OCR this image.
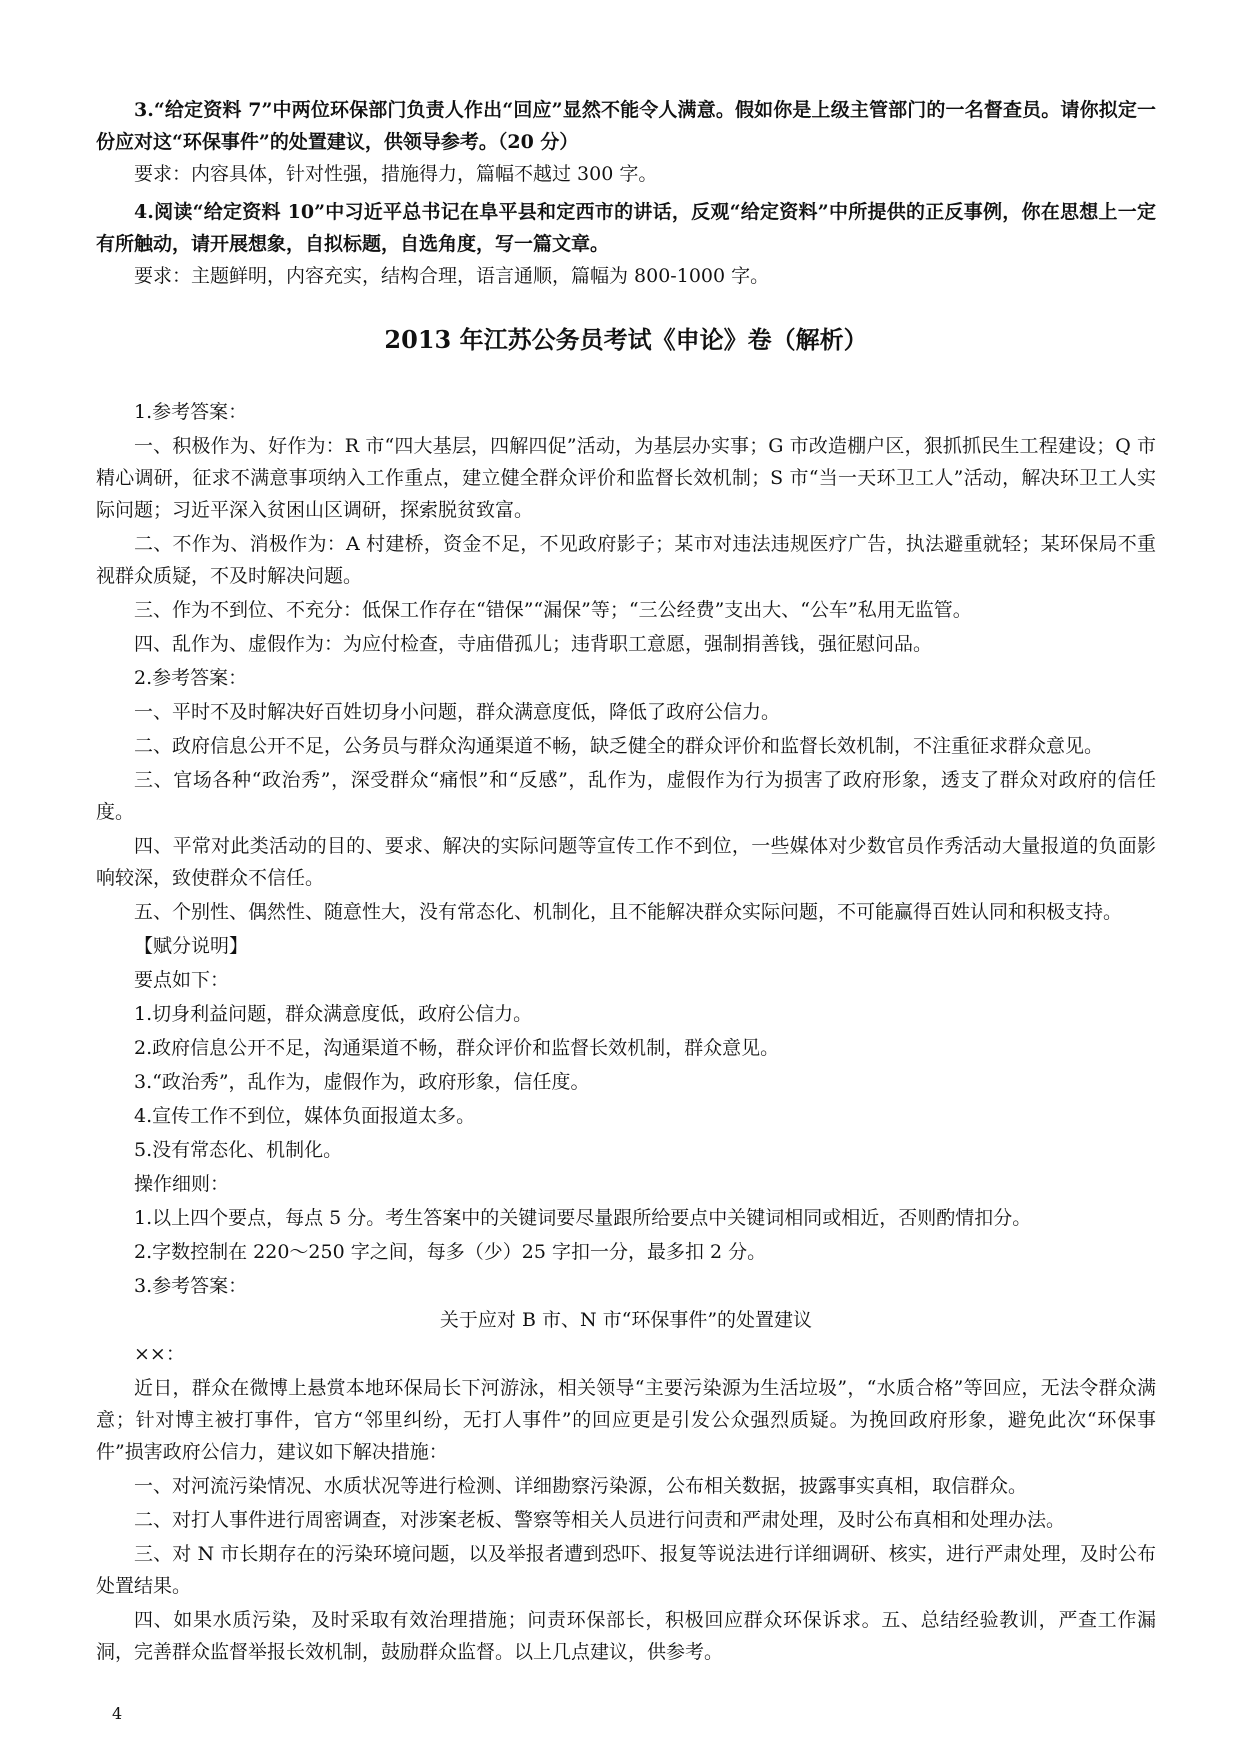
3.“给定资料 7”中两位环保部门负责人作出“回应”显然不能令人满意。假如你是上级主管部门的一名督查员。请你拟定一份应对这“环保事件”的处置建议，供领导参考。（20 分）

要求：内容具体，针对性强，措施得力，篇幅不越过 300 字。

4.阅读“给定资料 10”中习近平总书记在阜平县和定西市的讲话，反观“给定资料”中所提供的正反事例，你在思想上一定有所触动，请开展想象，自拟标题，自选角度，写一篇文章。

要求：主题鲜明，内容充实，结构合理，语言通顺，篇幅为 800-1000 字。

2013 年江苏公务员考试《申论》卷（解析）

1.参考答案：

一、积极作为、好作为：R 市“四大基层，四解四促”活动，为基层办实事；G 市改造棚户区，狠抓抓民生工程建设；Q 市精心调研，征求不满意事项纳入工作重点，建立健全群众评价和监督长效机制；S 市“当一天环卫工人”活动，解决环卫工人实际问题；习近平深入贫困山区调研，探索脱贫致富。

二、不作为、消极作为：A 村建桥，资金不足，不见政府影子；某市对违法违规医疗广告，执法避重就轻；某环保局不重视群众质疑，不及时解决问题。

三、作为不到位、不充分：低保工作存在“错保”“漏保”等；“三公经费”支出大、“公车”私用无监管。

四、乱作为、虚假作为：为应付检查，寺庙借孤儿；违背职工意愿，强制捐善钱，强征慰问品。

2.参考答案：

一、平时不及时解决好百姓切身小问题，群众满意度低，降低了政府公信力。

二、政府信息公开不足，公务员与群众沟通渠道不畅，缺乏健全的群众评价和监督长效机制，不注重征求群众意见。

三、官场各种“政治秀”，深受群众“痛恨”和“反感”，乱作为，虚假作为行为损害了政府形象，透支了群众对政府的信任度。

四、平常对此类活动的目的、要求、解决的实际问题等宣传工作不到位，一些媒体对少数官员作秀活动大量报道的负面影响较深，致使群众不信任。

五、个别性、偶然性、随意性大，没有常态化、机制化，且不能解决群众实际问题，不可能赢得百姓认同和积极支持。

【赋分说明】

要点如下：

1.切身利益问题，群众满意度低，政府公信力。

2.政府信息公开不足，沟通渠道不畅，群众评价和监督长效机制，群众意见。

3.“政治秀”，乱作为，虚假作为，政府形象，信任度。

4.宣传工作不到位，媒体负面报道太多。

5.没有常态化、机制化。

操作细则：

1.以上四个要点，每点 5 分。考生答案中的关键词要尽量跟所给要点中关键词相同或相近，否则酌情扣分。

2.字数控制在 220～250 字之间，每多（少）25 字扣一分，最多扣 2 分。

3.参考答案：

关于应对 B 市、N 市“环保事件”的处置建议

××：

近日，群众在微博上悬赏本地环保局长下河游泳，相关领导“主要污染源为生活垃圾”，“水质合格”等回应，无法令群众满意；针对博主被打事件，官方“邻里纠纷，无打人事件”的回应更是引发公众强烈质疑。为挽回政府形象，避免此次“环保事件”损害政府公信力，建议如下解决措施：

一、对河流污染情况、水质状况等进行检测、详细勘察污染源，公布相关数据，披露事实真相，取信群众。

二、对打人事件进行周密调查，对涉案老板、警察等相关人员进行问责和严肃处理，及时公布真相和处理办法。

三、对 N 市长期存在的污染环境问题，以及举报者遭到恐吓、报复等说法进行详细调研、核实，进行严肃处理，及时公布处置结果。

四、如果水质污染，及时采取有效治理措施；问责环保部长，积极回应群众环保诉求。五、总结经验教训，严查工作漏洞，完善群众监督举报长效机制，鼓励群众监督。以上几点建议，供参考。

4
